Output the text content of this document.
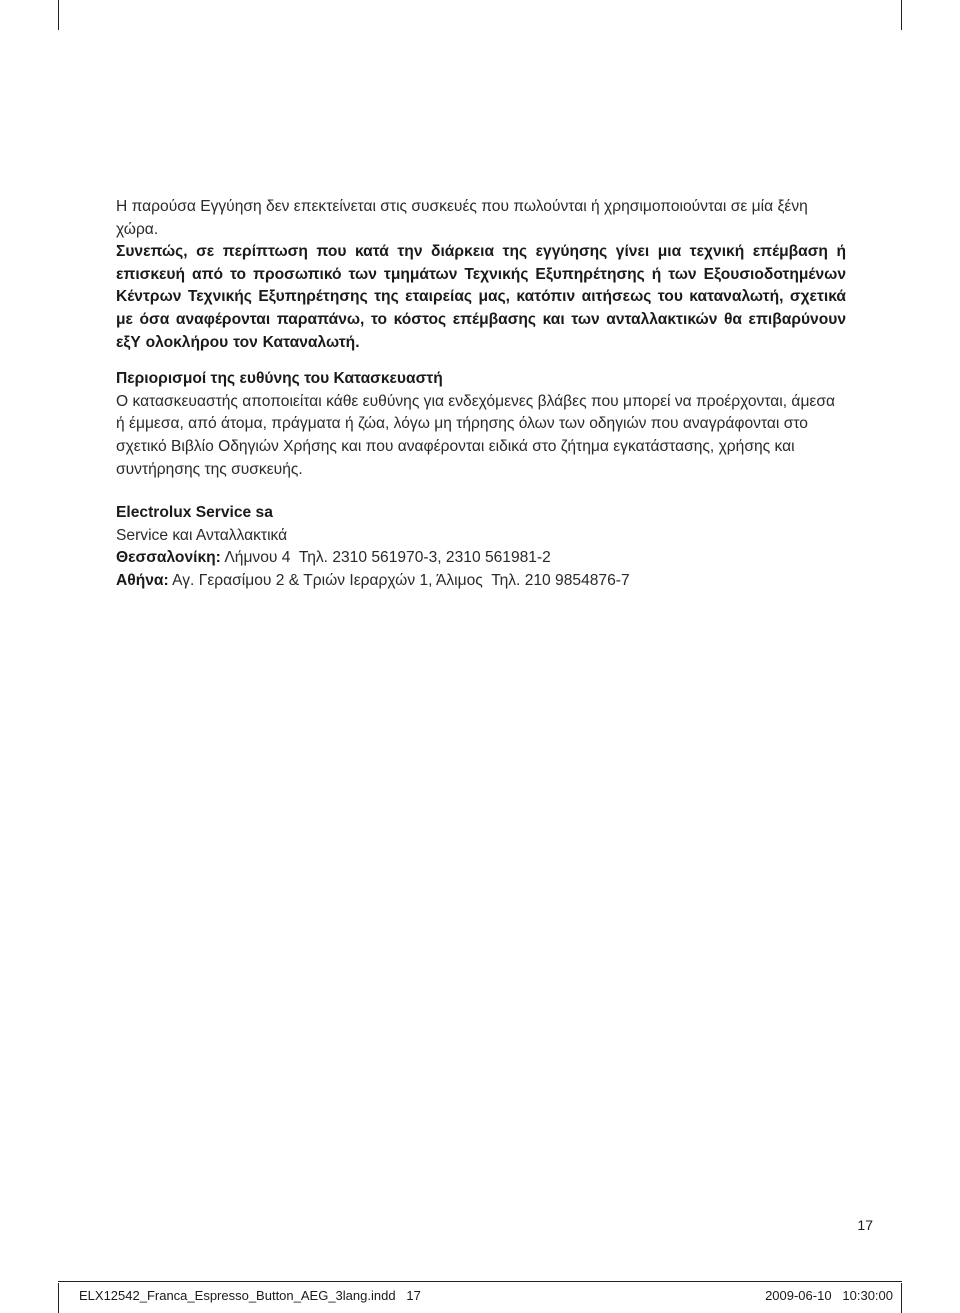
Η παρούσα Εγγύηση δεν επεκτείνεται στις συσκευές που πωλούνται ή χρησιμοποιούνται σε μία ξένη χώρα.

Συνεπώς, σε περίπτωση που κατά την διάρκεια της εγγύησης γίνει μια τεχνική επέμβαση ή επισκευή από το προσωπικό των τμημάτων Τεχνικής Εξυπηρέτησης ή των Εξουσιοδοτημένων Κέντρων Τεχνικής Εξυπηρέτησης της εταιρείας μας, κατόπιν αιτήσεως του καταναλωτή, σχετικά με όσα αναφέρονται παραπάνω, το κόστος επέμβασης και των ανταλλακτικών θα επιβαρύνουν εξΥ ολοκλήρου τον Καταναλωτή.

Περιορισμοί της ευθύνης του Κατασκευαστή

Ο κατασκευαστής αποποιείται κάθε ευθύνης για ενδεχόμενες βλάβες που μπορεί να προέρχονται, άμεσα ή έμμεσα, από άτομα, πράγματα ή ζώα, λόγω μη τήρησης όλων των οδηγιών που αναγράφονται στο σχετικό Βιβλίο Οδηγιών Χρήσης και που αναφέρονται ειδικά στο ζήτημα εγκατάστασης, χρήσης και συντήρησης της συσκευής.

Electrolux Service sa

Service και Ανταλλακτικά

Θεσσαλονίκη: Λήμνου 4  Τηλ. 2310 561970-3, 2310 561981-2

Αθήνα: Αγ. Γερασίμου 2 & Τριών Ιεραρχών 1, Άλιμος  Τηλ. 210 9854876-7

17
ELX12542_Franca_Espresso_Button_AEG_3lang.indd   17	2009-06-10   10:30:00
